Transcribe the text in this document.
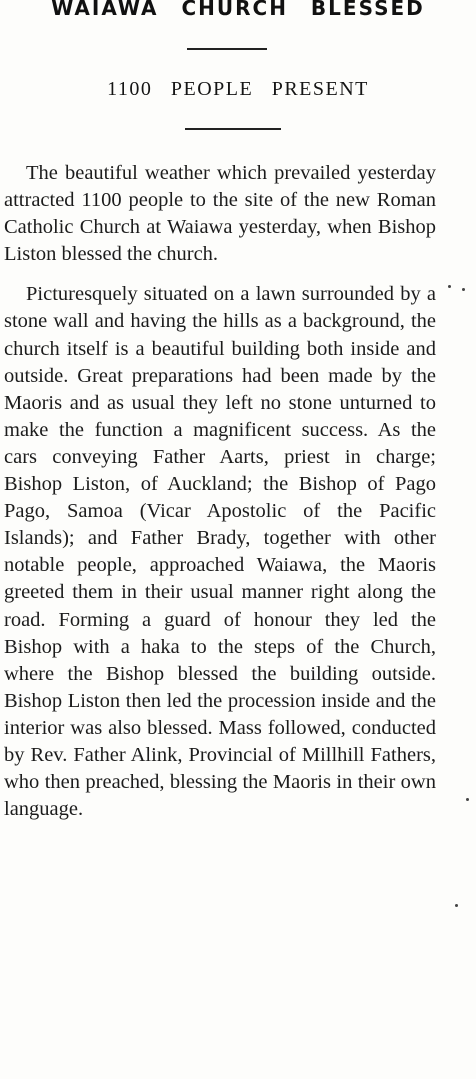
WAIAWA CHURCH BLESSED
1100 PEOPLE PRESENT

The beautiful weather which prevailed yesterday attracted 1100 people to the site of the new Roman Catholic Church at Waiawa yesterday, when Bishop Liston blessed the church.

Picturesquely situated on a lawn surrounded by a stone wall and having the hills as a background, the church itself is a beautiful building both inside and outside. Great preparations had been made by the Maoris and as usual they left no stone unturned to make the function a magnificent success. As the cars conveying Father Aarts, priest in charge; Bishop Liston, of Auckland; the Bishop of Pago Pago, Samoa (Vicar Apostolic of the Pacific Islands); and Father Brady, together with other notable people, approached Waiawa, the Maoris greeted them in their usual manner right along the road. Forming a guard of honour they led the Bishop with a haka to the steps of the Church, where the Bishop blessed the building outside. Bishop Liston then led the procession inside and the interior was also blessed. Mass followed, conducted by Rev. Father Alink, Provincial of Millhill Fathers, who then preached, blessing the Maoris in their own language.
